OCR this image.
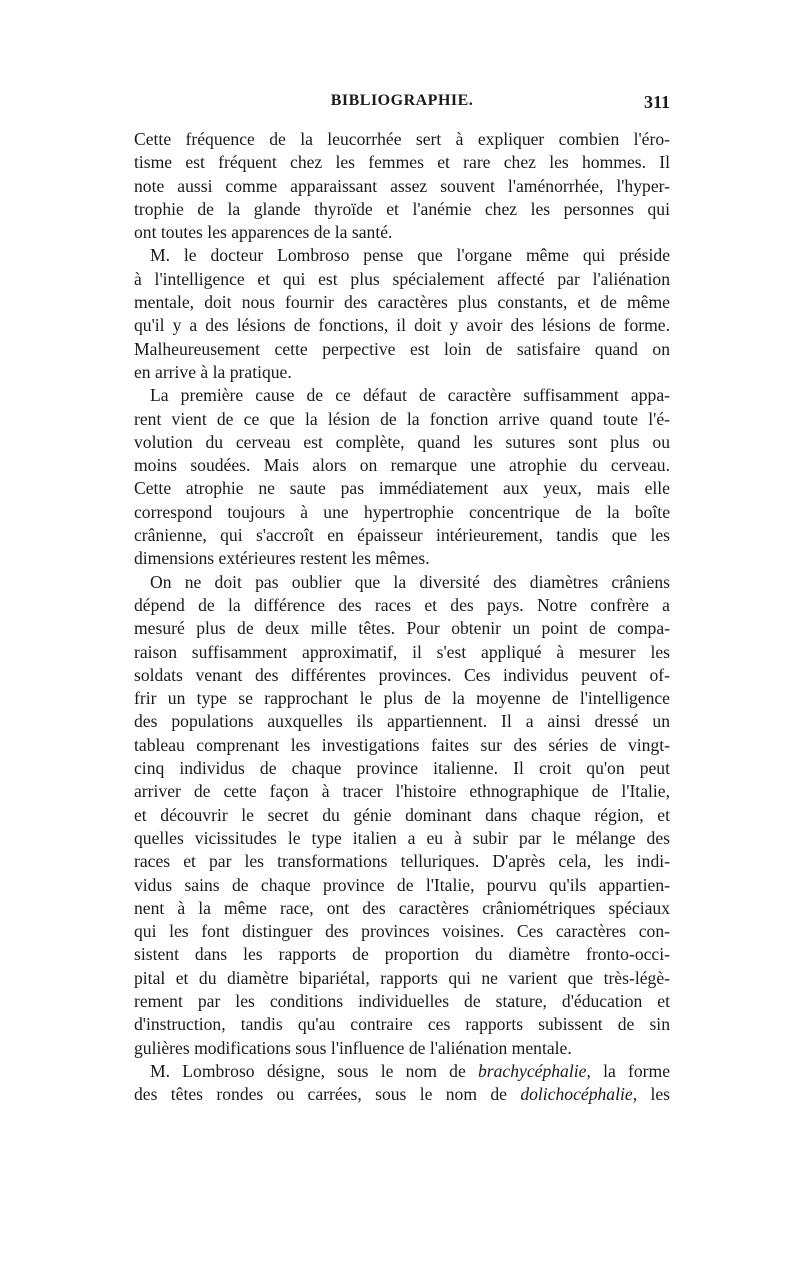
BIBLIOGRAPHIE.	311
Cette fréquence de la leucorrhée sert à expliquer combien l'éro-
tisme est fréquent chez les femmes et rare chez les hommes. Il
note aussi comme apparaissant assez souvent l'aménorrhée, l'hyper-
trophie de la glande thyroïde et l'anémie chez les personnes qui
ont toutes les apparences de la santé.
M. le docteur Lombroso pense que l'organe même qui préside
à l'intelligence et qui est plus spécialement affecté par l'aliénation
mentale, doit nous fournir des caractères plus constants, et de même
qu'il y a des lésions de fonctions, il doit y avoir des lésions de forme.
Malheureusement cette perpective est loin de satisfaire quand on
en arrive à la pratique.
La première cause de ce défaut de caractère suffisamment appa-
rent vient de ce que la lésion de la fonction arrive quand toute l'é-
volution du cerveau est complète, quand les sutures sont plus ou
moins soudées. Mais alors on remarque une atrophie du cerveau.
Cette atrophie ne saute pas immédiatement aux yeux, mais elle
correspond toujours à une hypertrophie concentrique de la boîte
crânienne, qui s'accroît en épaisseur intérieurement, tandis que les
dimensions extérieures restent les mêmes.
On ne doit pas oublier que la diversité des diamètres crâniens
dépend de la différence des races et des pays. Notre confrère a
mesuré plus de deux mille têtes. Pour obtenir un point de compa-
raison suffisamment approximatif, il s'est appliqué à mesurer les
soldats venant des différentes provinces. Ces individus peuvent of-
frir un type se rapprochant le plus de la moyenne de l'intelligence
des populations auxquelles ils appartiennent. Il a ainsi dressé un
tableau comprenant les investigations faites sur des séries de vingt-
cinq individus de chaque province italienne. Il croit qu'on peut
arriver de cette façon à tracer l'histoire ethnographique de l'Italie,
et découvrir le secret du génie dominant dans chaque région, et
quelles vicissitudes le type italien a eu à subir par le mélange des
races et par les transformations telluriques. D'après cela, les indi-
vidus sains de chaque province de l'Italie, pourvu qu'ils appartien-
nent à la même race, ont des caractères crâniométriques spéciaux
qui les font distinguer des provinces voisines. Ces caractères con-
sistent dans les rapports de proportion du diamètre fronto-occi-
pital et du diamètre bipariétal, rapports qui ne varient que très-légè-
rement par les conditions individuelles de stature, d'éducation et
d'instruction, tandis qu'au contraire ces rapports subissent de sin
gulières modifications sous l'influence de l'aliénation mentale.
M. Lombroso désigne, sous le nom de brachycéphalie, la forme
des têtes rondes ou carrées, sous le nom de dolichocéphalie, les
